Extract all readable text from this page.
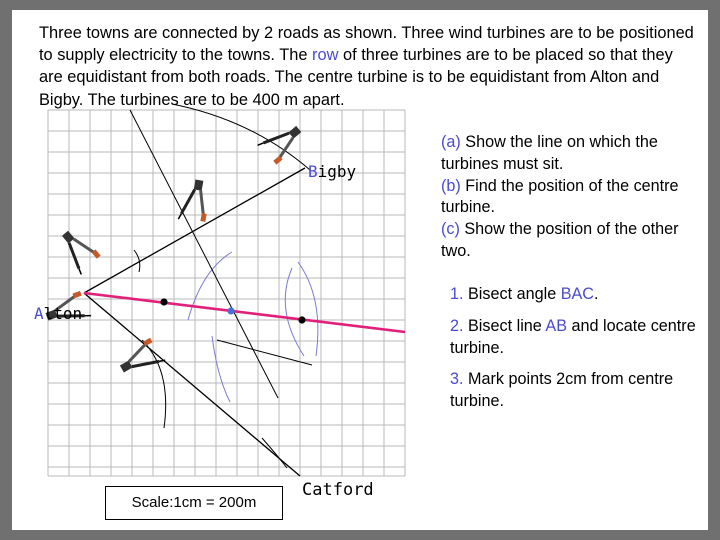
Three towns are connected by 2 roads as shown. Three wind turbines are to be positioned to supply electricity to the towns. The row of three turbines are to be placed so that they are equidistant from both roads. The centre turbine is to be equidistant from Alton and Bigby. The turbines are to be 400 m apart.

Bigby
Alton
Catford
(a) Show the line on which the turbines must sit.
(b) Find the position of the centre turbine.
(c) Show the position of the other two.
1. Bisect angle BAC.
2. Bisect line AB and locate centre turbine.
3. Mark points 2cm from centre turbine.
Scale:1cm = 200m
